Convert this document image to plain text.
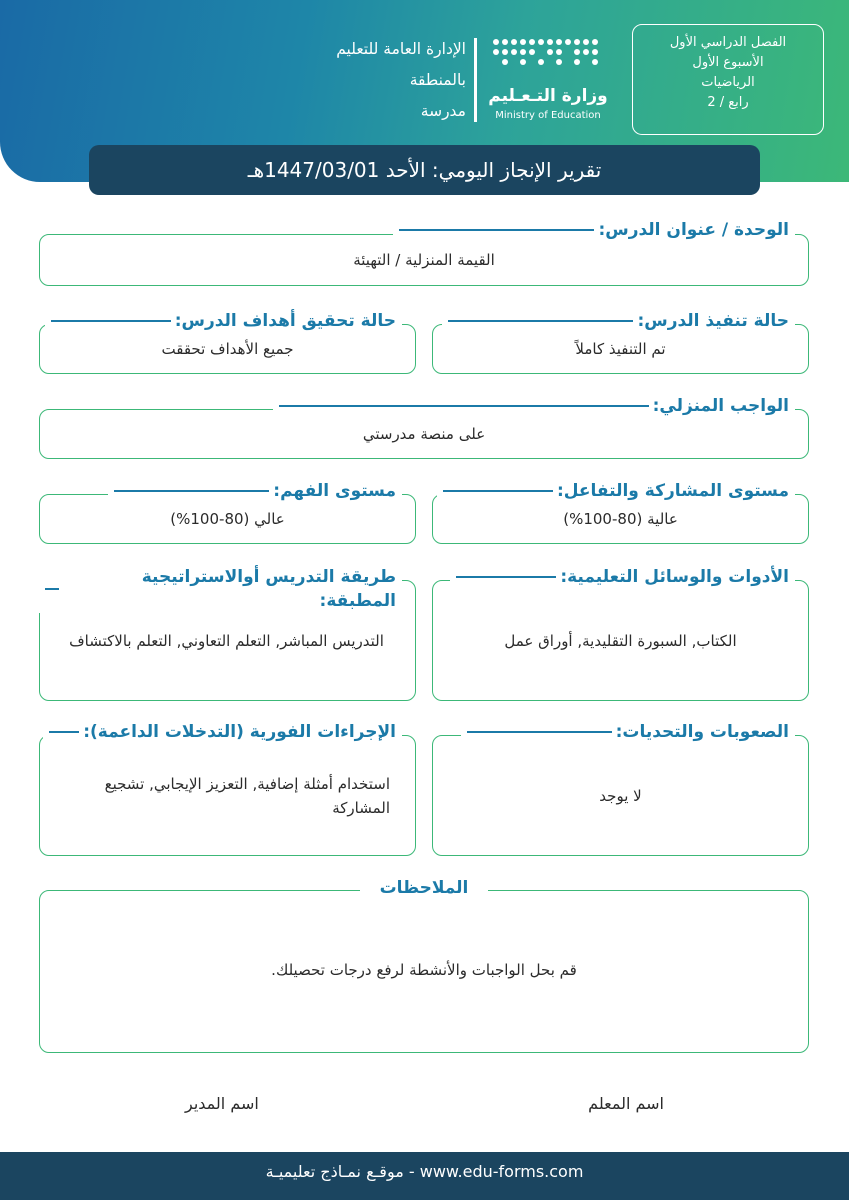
الفصل الدراسي الأول
الأسبوع الأول
الرياضيات
رابع / 2
وزارة التـعـليم
Ministry of Education
الإدارة العامة للتعليم
بالمنطقة
مدرسة
تقرير الإنجاز اليومي: الأحد 1447/03/01هـ
الوحدة / عنوان الدرس:
القيمة المنزلية / التهيئة
حالة تنفيذ الدرس:
تم التنفيذ كاملاً
حالة تحقيق أهداف الدرس:
جميع الأهداف تحققت
الواجب المنزلي:
على منصة مدرستي
مستوى المشاركة والتفاعل:
عالية (80-100%)
مستوى الفهم:
عالي (80-100%)
الأدوات والوسائل التعليمية:
الكتاب, السبورة التقليدية, أوراق عمل
طريقة التدريس أوالاستراتيجية المطبقة:
التدريس المباشر, التعلم التعاوني, التعلم بالاكتشاف
الصعوبات والتحديات:
لا يوجد
الإجراءات الفورية (التدخلات الداعمة):
استخدام أمثلة إضافية, التعزيز الإيجابي, تشجيع المشاركة
الملاحظات
قم بحل الواجبات والأنشطة لرفع درجات تحصيلك.
اسم المعلم
اسم المدير
www.edu-forms.com - موقـع نمـاذج تعليميـة
